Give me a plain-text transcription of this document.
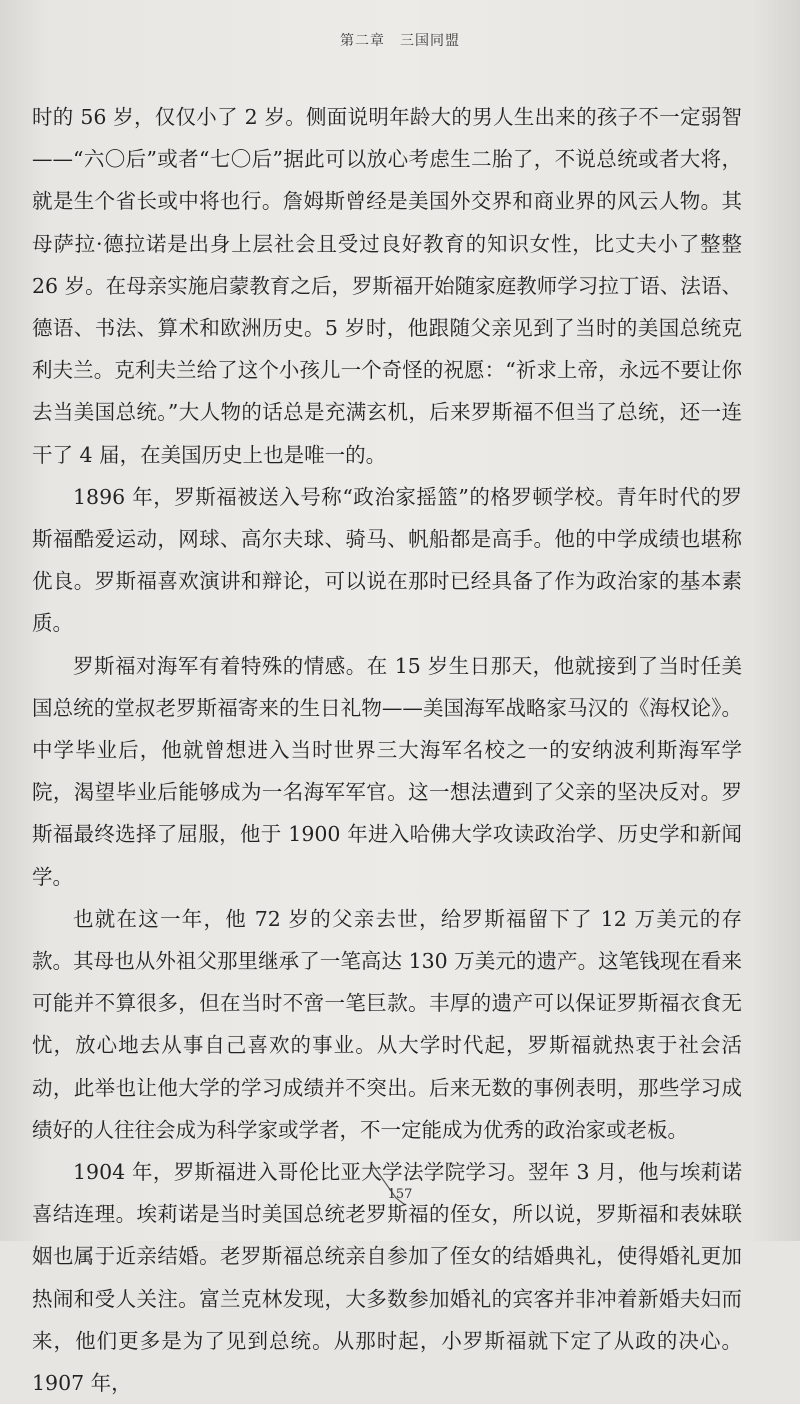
第二章　三国同盟

时的 56 岁，仅仅小了 2 岁。侧面说明年龄大的男人生出来的孩子不一定弱智——“六〇后”或者“七〇后”据此可以放心考虑生二胎了，不说总统或者大将，就是生个省长或中将也行。詹姆斯曾经是美国外交界和商业界的风云人物。其母萨拉·德拉诺是出身上层社会且受过良好教育的知识女性，比丈夫小了整整 26 岁。在母亲实施启蒙教育之后，罗斯福开始随家庭教师学习拉丁语、法语、德语、书法、算术和欧洲历史。5 岁时，他跟随父亲见到了当时的美国总统克利夫兰。克利夫兰给了这个小孩儿一个奇怪的祝愿：“祈求上帝，永远不要让你去当美国总统。”大人物的话总是充满玄机，后来罗斯福不但当了总统，还一连干了 4 届，在美国历史上也是唯一的。

1896 年，罗斯福被送入号称“政治家摇篮”的格罗顿学校。青年时代的罗斯福酷爱运动，网球、高尔夫球、骑马、帆船都是高手。他的中学成绩也堪称优良。罗斯福喜欢演讲和辩论，可以说在那时已经具备了作为政治家的基本素质。

罗斯福对海军有着特殊的情感。在 15 岁生日那天，他就接到了当时任美国总统的堂叔老罗斯福寄来的生日礼物——美国海军战略家马汉的《海权论》。中学毕业后，他就曾想进入当时世界三大海军名校之一的安纳波利斯海军学院，渴望毕业后能够成为一名海军军官。这一想法遭到了父亲的坚决反对。罗斯福最终选择了屈服，他于 1900 年进入哈佛大学攻读政治学、历史学和新闻学。

也就在这一年，他 72 岁的父亲去世，给罗斯福留下了 12 万美元的存款。其母也从外祖父那里继承了一笔高达 130 万美元的遗产。这笔钱现在看来可能并不算很多，但在当时不啻一笔巨款。丰厚的遗产可以保证罗斯福衣食无忧，放心地去从事自己喜欢的事业。从大学时代起，罗斯福就热衷于社会活动，此举也让他大学的学习成绩并不突出。后来无数的事例表明，那些学习成绩好的人往往会成为科学家或学者，不一定能成为优秀的政治家或老板。

1904 年，罗斯福进入哥伦比亚大学法学院学习。翌年 3 月，他与埃莉诺喜结连理。埃莉诺是当时美国总统老罗斯福的侄女，所以说，罗斯福和表妹联姻也属于近亲结婚。老罗斯福总统亲自参加了侄女的结婚典礼，使得婚礼更加热闹和受人关注。富兰克林发现，大多数参加婚礼的宾客并非冲着新婚夫妇而来，他们更多是为了见到总统。从那时起，小罗斯福就下定了从政的决心。1907 年，

157
